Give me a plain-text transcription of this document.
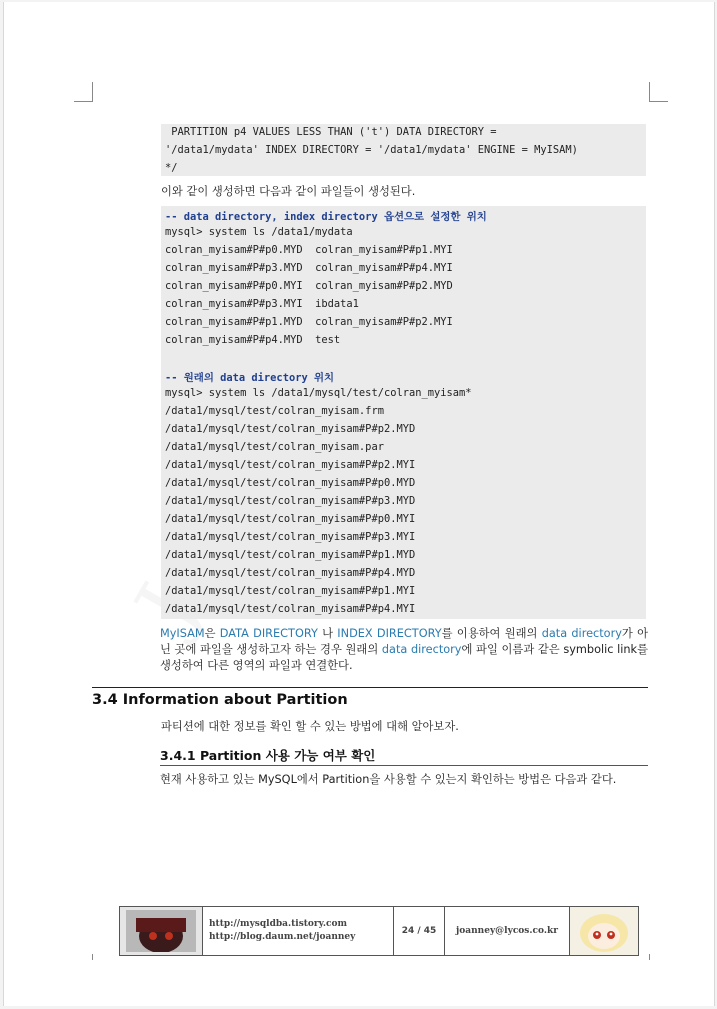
PARTITION p4 VALUES LESS THAN ('t') DATA DIRECTORY =
'/data1/mydata' INDEX DIRECTORY = '/data1/mydata' ENGINE = MyISAM)
*/
이와 같이 생성하면 다음과 같이 파일들이 생성된다.
-- data directory, index directory 옵션으로 설정한 위치
mysql> system ls /data1/mydata
colran_myisam#P#p0.MYD  colran_myisam#P#p1.MYI
colran_myisam#P#p3.MYD  colran_myisam#P#p4.MYI
colran_myisam#P#p0.MYI  colran_myisam#P#p2.MYD
colran_myisam#P#p3.MYI  ibdata1
colran_myisam#P#p1.MYD  colran_myisam#P#p2.MYI
colran_myisam#P#p4.MYD  test
-- 원래의 data directory 위치
mysql> system ls /data1/mysql/test/colran_myisam*
/data1/mysql/test/colran_myisam.frm
/data1/mysql/test/colran_myisam#P#p2.MYD
/data1/mysql/test/colran_myisam.par
/data1/mysql/test/colran_myisam#P#p2.MYI
/data1/mysql/test/colran_myisam#P#p0.MYD
/data1/mysql/test/colran_myisam#P#p3.MYD
/data1/mysql/test/colran_myisam#P#p0.MYI
/data1/mysql/test/colran_myisam#P#p3.MYI
/data1/mysql/test/colran_myisam#P#p1.MYD
/data1/mysql/test/colran_myisam#P#p4.MYD
/data1/mysql/test/colran_myisam#P#p1.MYI
/data1/mysql/test/colran_myisam#P#p4.MYI
MyISAM은 DATA DIRECTORY 나 INDEX DIRECTORY를 이용하여 원래의 data directory가 아닌 곳에 파일을 생성하고자 하는 경우 원래의 data directory에 파일 이름과 같은 symbolic link를 생성하여 다른 영역의 파일과 연결한다.
3.4 Information about Partition
파티션에 대한 정보를 확인 할 수 있는 방법에 대해 알아보자.
3.4.1 Partition 사용 가능 여부 확인
현재 사용하고 있는 MySQL에서 Partition을 사용할 수 있는지 확인하는 방법은 다음과 같다.
http://mysqldba.tistory.com
http://blog.daum.net/joanney
24 / 45	joanney@lycos.co.kr
